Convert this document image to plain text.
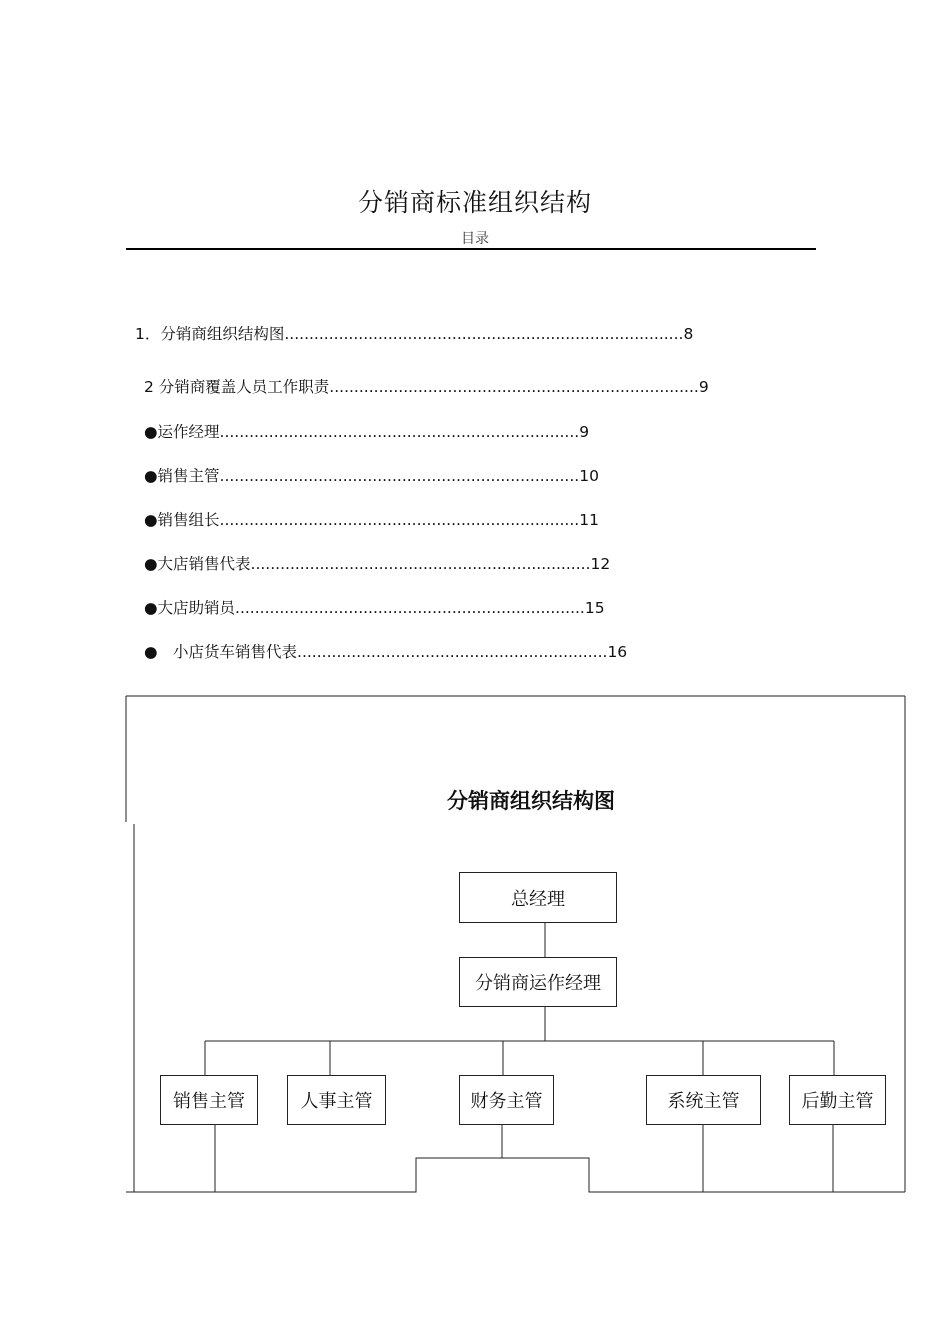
分销商标准组织结构
目录
1．分销商组织结构图.................................................................................8
2 分销商覆盖人员工作职责...........................................................................9
●运作经理.........................................................................9
●销售主管.........................................................................10
●销售组长.........................................................................11
●大店销售代表.....................................................................12
●大店助销员.......................................................................15
●　小店货车销售代表...............................................................16
分销商组织结构图
总经理
分销商运作经理
销售主管	人事主管	财务主管	系统主管	后勤主管
